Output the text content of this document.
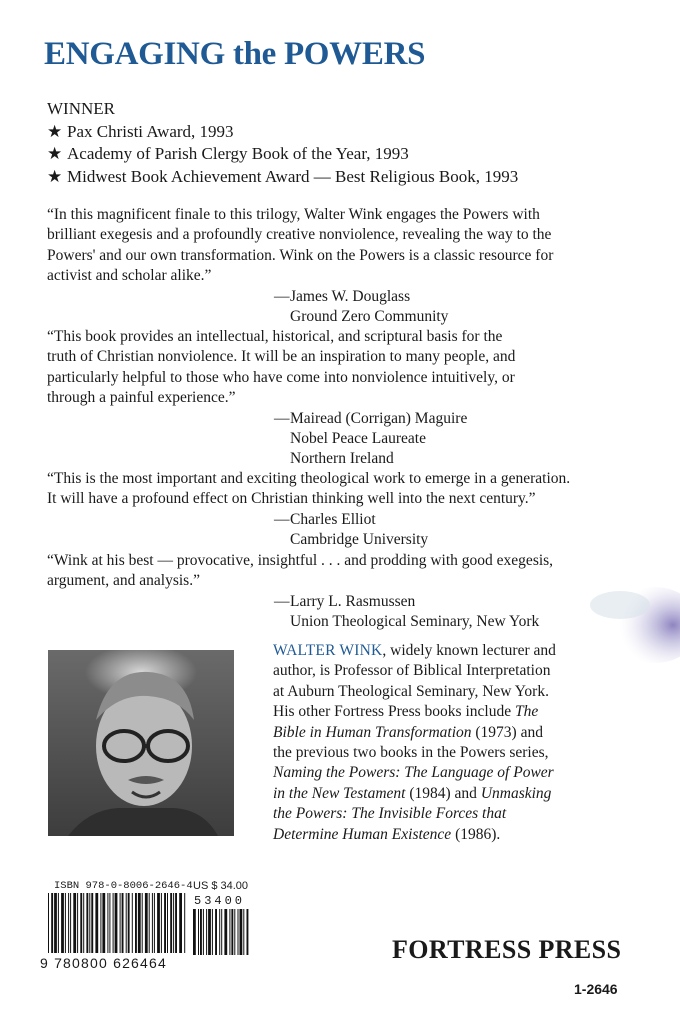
ENGAGING the POWERS
WINNER
★ Pax Christi Award, 1993
★ Academy of Parish Clergy Book of the Year, 1993
★ Midwest Book Achievement Award — Best Religious Book, 1993
“In this magnificent finale to this trilogy, Walter Wink engages the Powers with
brilliant exegesis and a profoundly creative nonviolence, revealing the way to the
Powers' and our own transformation. Wink on the Powers is a classic resource for
activist and scholar alike.”
—James W. Douglass
Ground Zero Community
“This book provides an intellectual, historical, and scriptural basis for the
truth of Christian nonviolence. It will be an inspiration to many people, and
particularly helpful to those who have come into nonviolence intuitively, or
through a painful experience.”
—Mairead (Corrigan) Maguire
Nobel Peace Laureate
Northern Ireland
“This is the most important and exciting theological work to emerge in a generation.
It will have a profound effect on Christian thinking well into the next century.”
—Charles Elliot
Cambridge University
“Wink at his best — provocative, insightful . . . and prodding with good exegesis,
argument, and analysis.”
—Larry L. Rasmussen
Union Theological Seminary, New York
WALTER WINK, widely known lecturer and
author, is Professor of Biblical Interpretation
at Auburn Theological Seminary, New York.
His other Fortress Press books include The
Bible in Human Transformation (1973) and
the previous two books in the Powers series,
Naming the Powers: The Language of Power
in the New Testament (1984) and Unmasking
the Powers: The Invisible Forces that
Determine Human Existence (1986).
ISBN 978-0-8006-2646-4 US $ 34.00
53400
9 780800 626464	FORTRESS PRESS
1-2646
